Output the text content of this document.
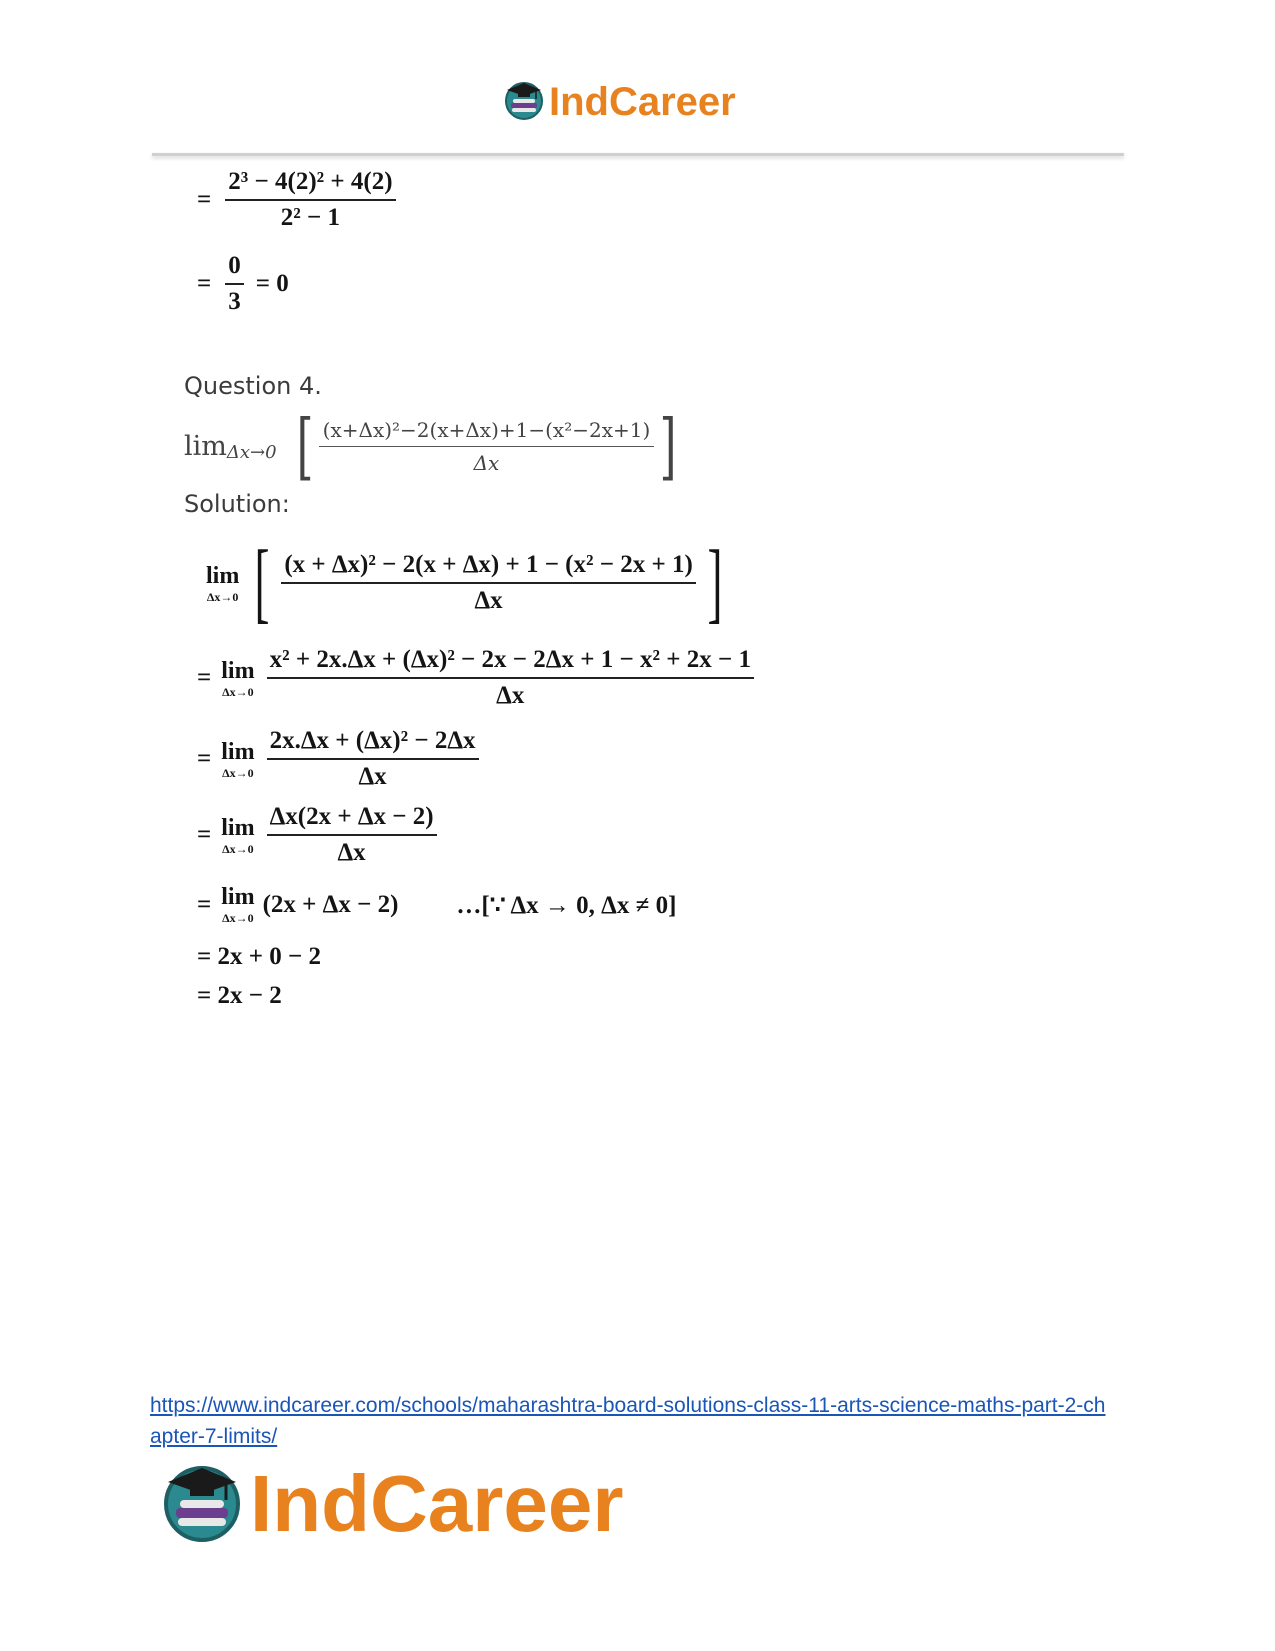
IndCareer
= $\frac{\text{2³ − 4(2)² + 4(2)}}{\text{2² − 1}}$
= $\frac{0}{3} = 0$
Question 4.
lim Δx→0 [ $\frac{\text{(x+Δx)²−2(x+Δx)+1−(x²−2x+1)}}{\Delta x}$ ]
Solution:
lim
Δx→0 [ $\frac{\text{(x + Δx)² − 2(x + Δx) + 1 − (x² − 2x + 1)}}{\Delta x}$ ]
= lim
$\Delta x\to 0 \frac{\text{x² + 2x.Δx + (Δx)² − 2x − 2Δx + 1 − x² + 2x − 1}}{\Delta x}$
= lim
$\Delta x\to 0 \frac{\text{2x.Δx + (Δx)² − 2Δx}}{\Delta x}$
= lim
$\Delta x\to 0 \frac{\Delta x(2x + \Delta x - 2)}{\Delta x}$
= lim
Δx→0
(2x + Δx − 2) …[∵ Δx → 0, Δx ≠ 0]
= 2x + 0 − 2
= 2x − 2
https://www.indcareer.com/schools/maharashtra-board-solutions-class-11-arts-science-maths-part-2-chapter-7-limits/
IndCareer
